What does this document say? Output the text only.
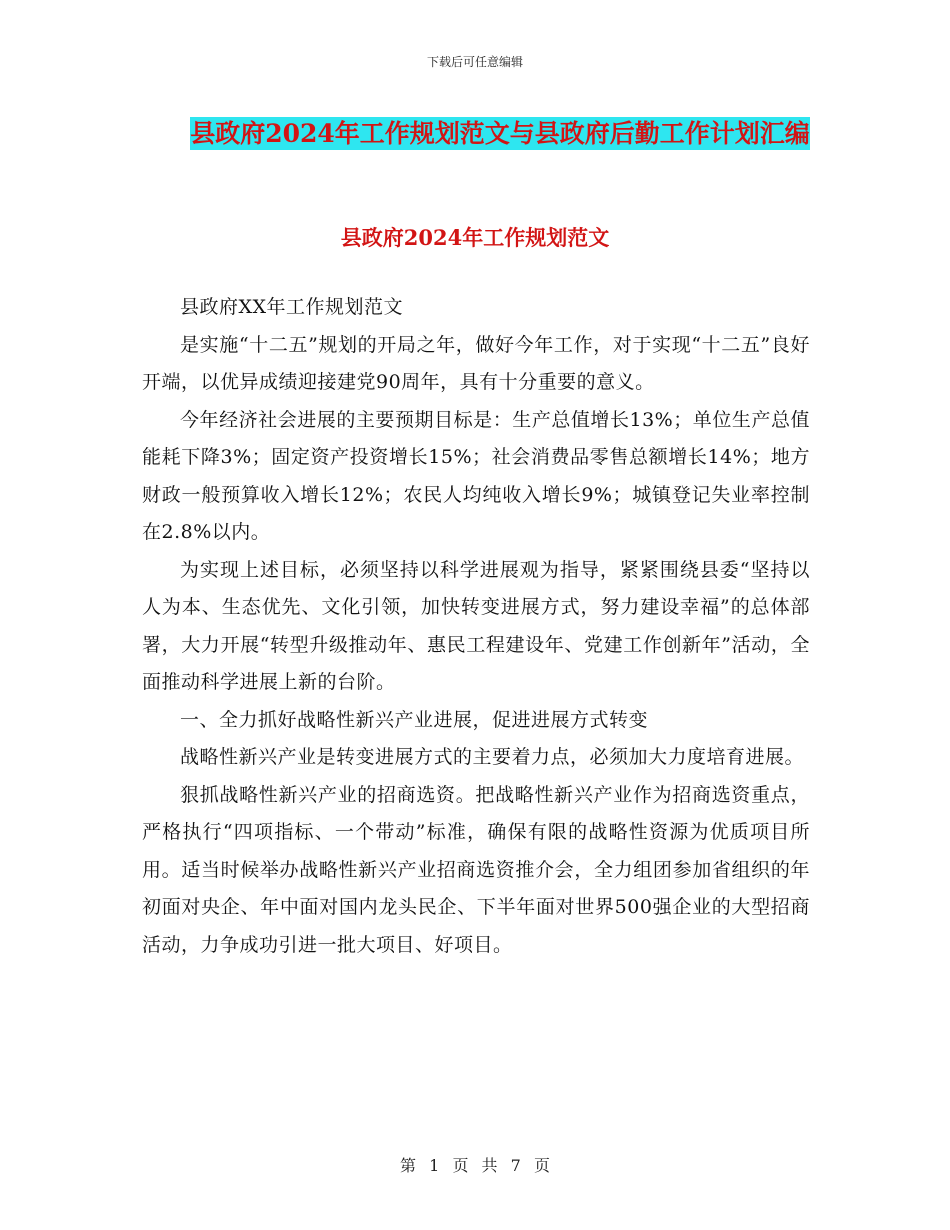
下载后可任意编辑
县政府2024年工作规划范文与县政府后勤工作计划汇编
县政府2024年工作规划范文

县政府XX年工作规划范文

是实施“十二五”规划的开局之年，做好今年工作，对于实现“十二五”良好开端，以优异成绩迎接建党90周年，具有十分重要的意义。

今年经济社会进展的主要预期目标是：生产总值增长13%；单位生产总值能耗下降3%；固定资产投资增长15%；社会消费品零售总额增长14%；地方财政一般预算收入增长12%；农民人均纯收入增长9%；城镇登记失业率控制在2.8%以内。

为实现上述目标，必须坚持以科学进展观为指导，紧紧围绕县委“坚持以人为本、生态优先、文化引领，加快转变进展方式，努力建设幸福”的总体部署，大力开展“转型升级推动年、惠民工程建设年、党建工作创新年”活动，全面推动科学进展上新的台阶。

一、全力抓好战略性新兴产业进展，促进进展方式转变

战略性新兴产业是转变进展方式的主要着力点，必须加大力度培育进展。

狠抓战略性新兴产业的招商选资。把战略性新兴产业作为招商选资重点，严格执行“四项指标、一个带动”标准，确保有限的战略性资源为优质项目所用。适当时候举办战略性新兴产业招商选资推介会，全力组团参加省组织的年初面对央企、年中面对国内龙头民企、下半年面对世界500强企业的大型招商活动，力争成功引进一批大项目、好项目。

第 1 页 共 7 页
